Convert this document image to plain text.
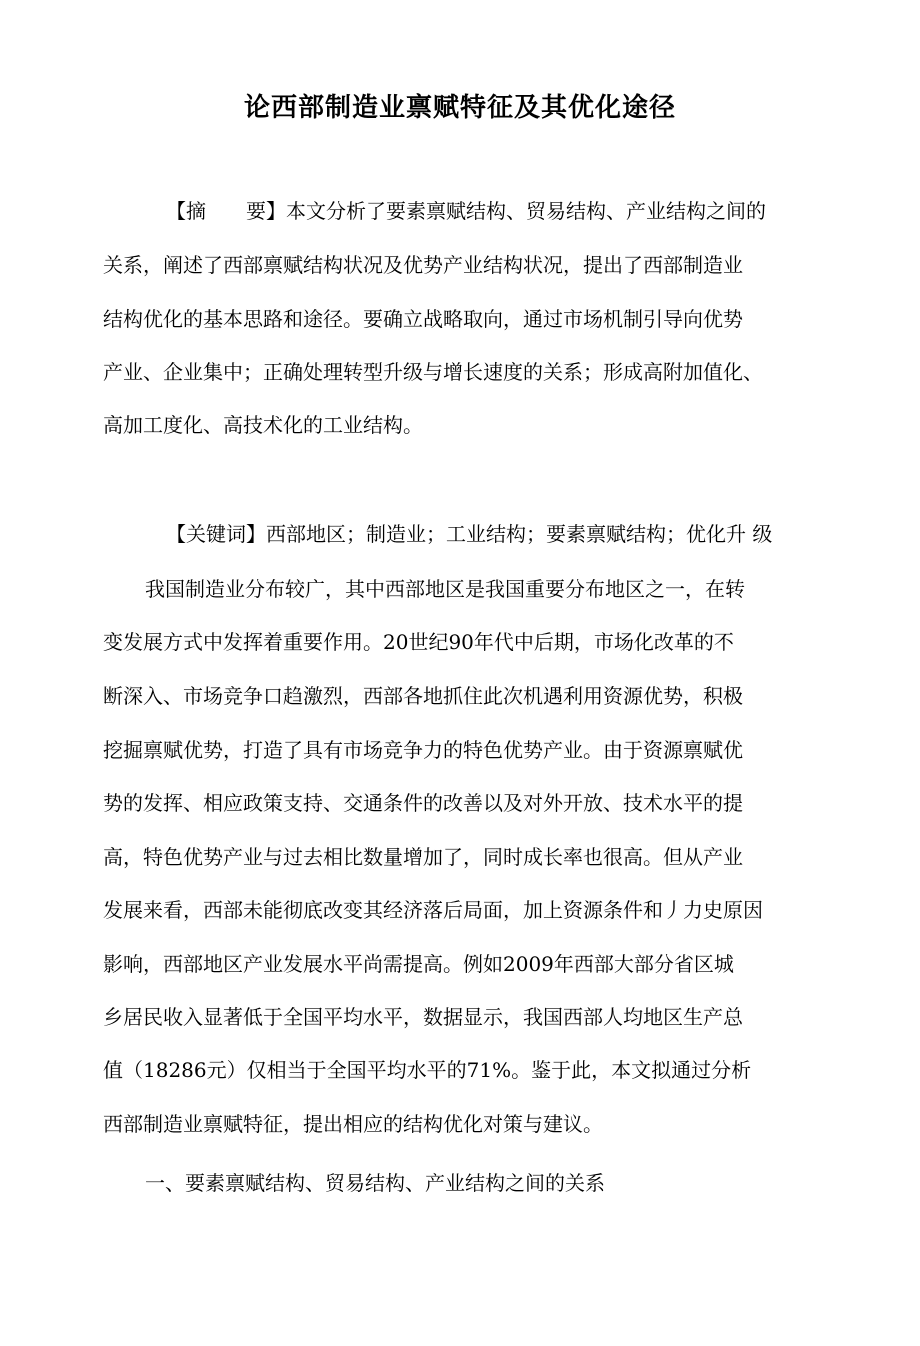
论西部制造业禀赋特征及其优化途径
【摘　　要】本文分析了要素禀赋结构、贸易结构、产业结构之间的
关系，阐述了西部禀赋结构状况及优势产业结构状况，提出了西部制造业
结构优化的基本思路和途径。要确立战略取向，通过市场机制引导向优势
产业、企业集中；正确处理转型升级与增长速度的关系；形成高附加值化、
高加工度化、高技术化的工业结构。
【关键词】西部地区；制造业；工业结构；要素禀赋结构；优化升 级
我国制造业分布较广，其中西部地区是我国重要分布地区之一，在转
变发展方式中发挥着重要作用。20世纪90年代中后期，市场化改革的不
断深入、市场竞争口趋激烈，西部各地抓住此次机遇利用资源优势，积极
挖掘禀赋优势，打造了具有市场竞争力的特色优势产业。由于资源禀赋优
势的发挥、相应政策支持、交通条件的改善以及对外开放、技术水平的提
高，特色优势产业与过去相比数量增加了，同时成长率也很高。但从产业
发展来看，西部未能彻底改变其经济落后局面，加上资源条件和丿力史原因
影响，西部地区产业发展水平尚需提高。例如2009年西部大部分省区城
乡居民收入显著低于全国平均水平，数据显示，我国西部人均地区生产总
值（18286元）仅相当于全国平均水平的71%。鉴于此，本文拟通过分析
西部制造业禀赋特征，提出相应的结构优化对策与建议。
一、要素禀赋结构、贸易结构、产业结构之间的关系
